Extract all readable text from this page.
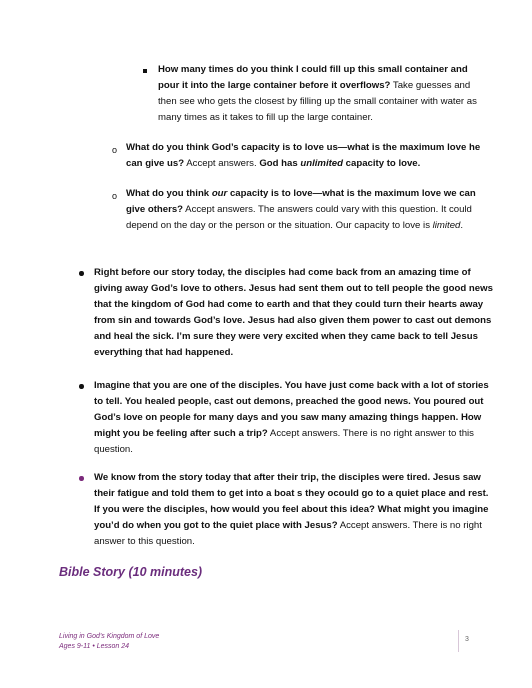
How many times do you think I could fill up this small container and pour it into the large container before it overflows? Take guesses and then see who gets the closest by filling up the small container with water as many times as it takes to fill up the large container.
o What do you think God’s capacity is to love us—what is the maximum love he can give us? Accept answers. God has unlimited capacity to love.
o What do you think our capacity is to love—what is the maximum love we can give others? Accept answers. The answers could vary with this question. It could depend on the day or the person or the situation. Our capacity to love is limited.
Right before our story today, the disciples had come back from an amazing time of giving away God’s love to others. Jesus had sent them out to tell people the good news that the kingdom of God had come to earth and that they could turn their hearts away from sin and towards God’s love. Jesus had also given them power to cast out demons and heal the sick. I’m sure they were very excited when they came back to tell Jesus everything that had happened.
Imagine that you are one of the disciples. You have just come back with a lot of stories to tell. You healed people, cast out demons, preached the good news. You poured out God’s love on people for many days and you saw many amazing things happen. How might you be feeling after such a trip? Accept answers. There is no right answer to this question.
We know from the story today that after their trip, the disciples were tired. Jesus saw their fatigue and told them to get into a boat s they ocould go to a quiet place and rest. If you were the disciples, how would you feel about this idea? What might you imagine you’d do when you got to the quiet place with Jesus? Accept answers. There is no right answer to this question.
Bible Story (10 minutes)
Living in God’s Kingdom of Love
Ages 9-11 • Lesson 24
3
